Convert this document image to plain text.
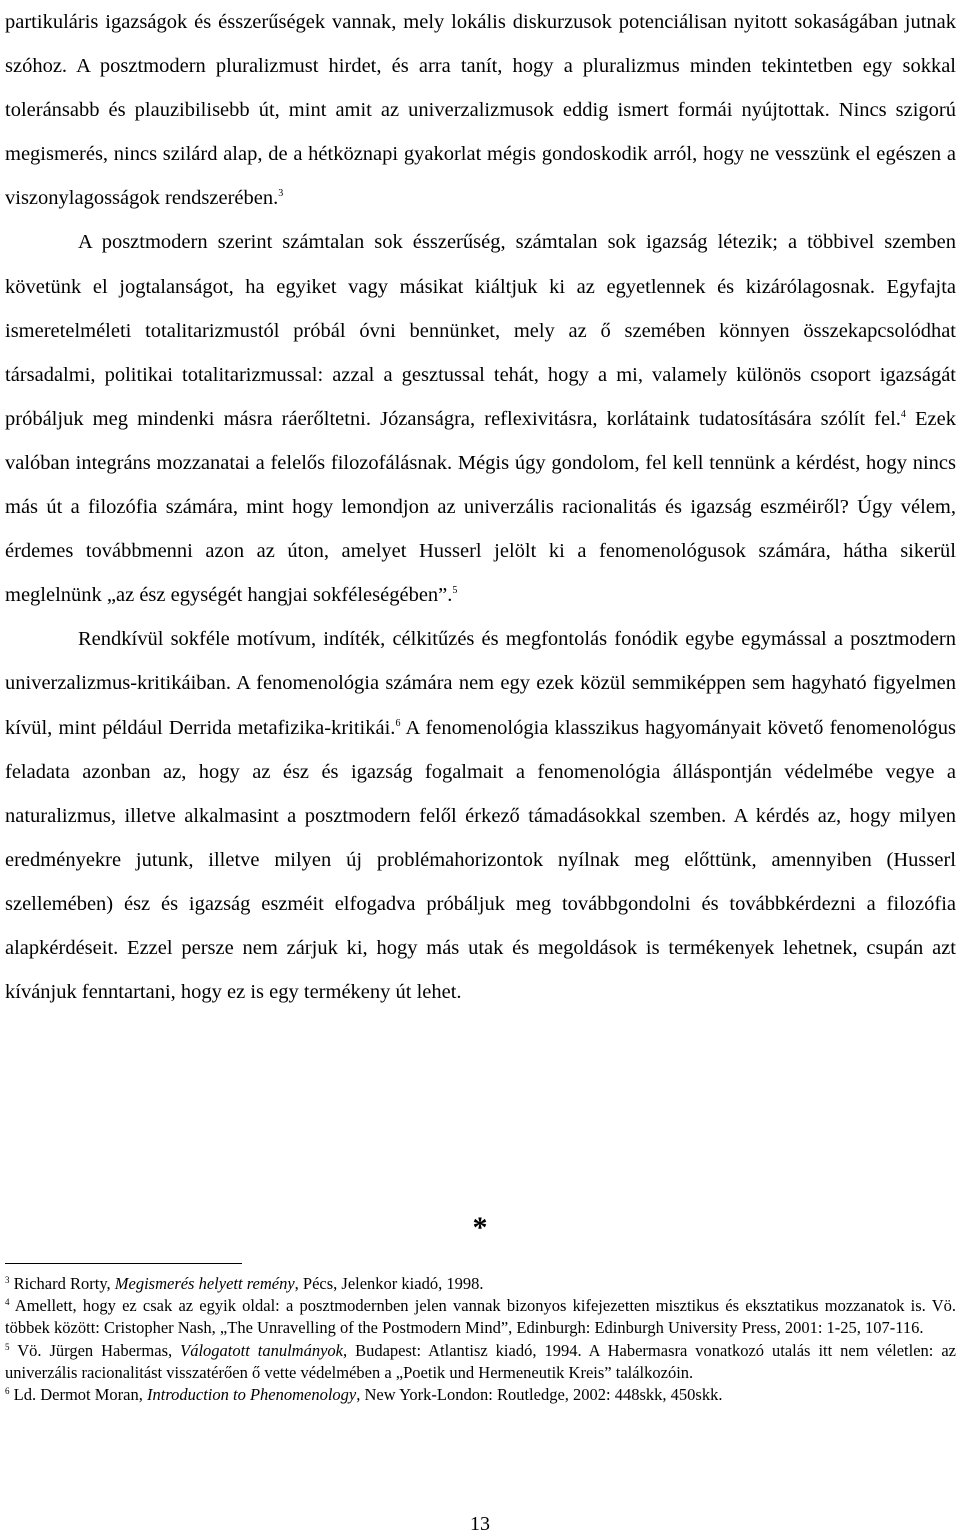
partikuláris igazságok és ésszerűségek vannak, mely lokális diskurzusok potenciálisan nyitott sokaságában jutnak szóhoz. A posztmodern pluralizmust hirdet, és arra tanít, hogy a pluralizmus minden tekintetben egy sokkal toleránsabb és plauzibilisebb út, mint amit az univerzalizmusok eddig ismert formái nyújtottak. Nincs szigorú megismerés, nincs szilárd alap, de a hétköznapi gyakorlat mégis gondoskodik arról, hogy ne vesszünk el egészen a viszonylagosságok rendszerében.$^3$

A posztmodern szerint számtalan sok ésszerűség, számtalan sok igazság létezik; a többivel szemben követünk el jogtalanságot, ha egyiket vagy másikat kiáltjuk ki az egyetlennek és kizárólagosnak. Egyfajta ismeretelméleti totalitarizmustól próbál óvni bennünket, mely az ő szemében könnyen összekapcsolódhat társadalmi, politikai totalitarizmussal: azzal a gesztussal tehát, hogy a mi, valamely különös csoport igazságát próbáljuk meg mindenki másra ráerőltetni. Józanságra, reflexivitásra, korlátaink tudatosítására szólít fel.$^4$ Ezek valóban integráns mozzanatai a felelős filozofálásnak. Mégis úgy gondolom, fel kell tennünk a kérdést, hogy nincs más út a filozófia számára, mint hogy lemondjon az univerzális racionalitás és igazság eszméiről? Úgy vélem, érdemes továbbmenni azon az úton, amelyet Husserl jelölt ki a fenomenológusok számára, hátha sikerül meglelnünk „az ész egységét hangjai sokféleségében”.$^5$

Rendkívül sokféle motívum, indíték, célkitűzés és megfontolás fonódik egybe egymással a posztmodern univerzalizmus-kritikáiban. A fenomenológia számára nem egy ezek közül semmiképpen sem hagyható figyelmen kívül, mint például Derrida metafizika-kritikái.$^6$ A fenomenológia klasszikus hagyományait követő fenomenológus feladata azonban az, hogy az ész és igazság fogalmait a fenomenológia álláspontján védelmébe vegye a naturalizmus, illetve alkalmasint a posztmodern felől érkező támadásokkal szemben. A kérdés az, hogy milyen eredményekre jutunk, illetve milyen új problémahorizontok nyílnak meg előttünk, amennyiben (Husserl szellemében) ész és igazság eszméit elfogadva próbáljuk meg továbbgondolni és továbbkérdezni a filozófia alapkérdéseit. Ezzel persze nem zárjuk ki, hogy más utak és megoldások is termékenyek lehetnek, csupán azt kívánjuk fenntartani, hogy ez is egy termékeny út lehet.

*

$^3$ Richard Rorty, Megismerés helyett remény, Pécs, Jelenkor kiadó, 1998.

$^4$ Amellett, hogy ez csak az egyik oldal: a posztmodernben jelen vannak bizonyos kifejezetten misztikus és eksztatikus mozzanatok is. Vö. többek között: Cristopher Nash, „The Unravelling of the Postmodern Mind”, Edinburgh: Edinburgh University Press, 2001: 1-25, 107-116.

$^5$ Vö. Jürgen Habermas, Válogatott tanulmányok, Budapest: Atlantisz kiadó, 1994. A Habermasra vonatkozó utalás itt nem véletlen: az univerzális racionalitást visszatérően ő vette védelmében a „Poetik und Hermeneutik Kreis” találkozóin.

$^6$ Ld. Dermot Moran, Introduction to Phenomenology, New York-London: Routledge, 2002: 448skk, 450skk.

13
